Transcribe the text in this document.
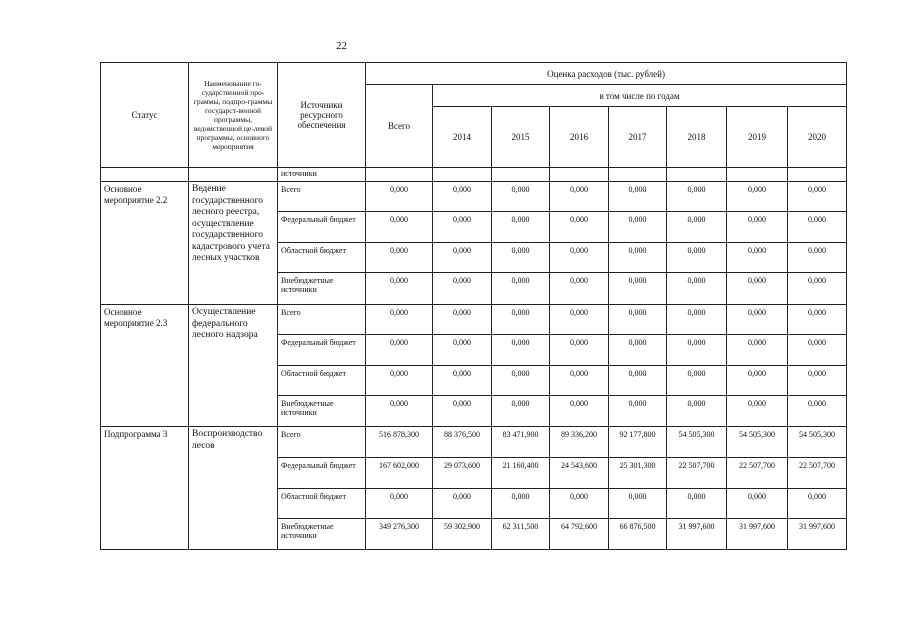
22
Статус	Наименование го-сударственной про-граммы, подпро-граммы государст-венной программы, ведомственной це-левой программы, основного мероприятия	Источники ресурсного обеспечения	Оценка расходов (тыс. рублей)							
			Всего	в том числе по годам						
				2014	2015	2016	2017	2018	2019	2020
		источники								
Основное мероприятие 2.2	Ведение государственного лесного реестра, осуществление государственного кадастрового учета лесных участков	Всего	0,000	0,000	0,000	0,000	0,000	0,000	0,000	0,000
		Федеральный бюджет	0,000	0,000	0,000	0,000	0,000	0,000	0,000	0,000
		Областной бюджет	0,000	0,000	0,000	0,000	0,000	0,000	0,000	0,000
		Внебюджетные источники	0,000	0,000	0,000	0,000	0,000	0,000	0,000	0,000
Основное мероприятие 2.3	Осуществление федерального лесного надзора	Всего	0,000	0,000	0,000	0,000	0,000	0,000	0,000	0,000
		Федеральный бюджет	0,000	0,000	0,000	0,000	0,000	0,000	0,000	0,000
		Областной бюджет	0,000	0,000	0,000	0,000	0,000	0,000	0,000	0,000
		Внебюджетные источники	0,000	0,000	0,000	0,000	0,000	0,000	0,000	0,000
Подпрограмма 3	Воспроизводство лесов	Всего	516 878,300	88 376,500	83 471,900	89 336,200	92 177,800	54 505,300	54 505,300	54 505,300
		Федеральный бюджет	167 602,000	29 073,600	21 160,400	24 543,600	25 301,300	22 507,700	22 507,700	22 507,700
		Областной бюджет	0,000	0,000	0,000	0,000	0,000	0,000	0,000	0,000
		Внебюджетные источники	349 276,300	59 302,900	62 311,500	64 792,600	66 876,500	31 997,600	31 997,600	31 997,600
